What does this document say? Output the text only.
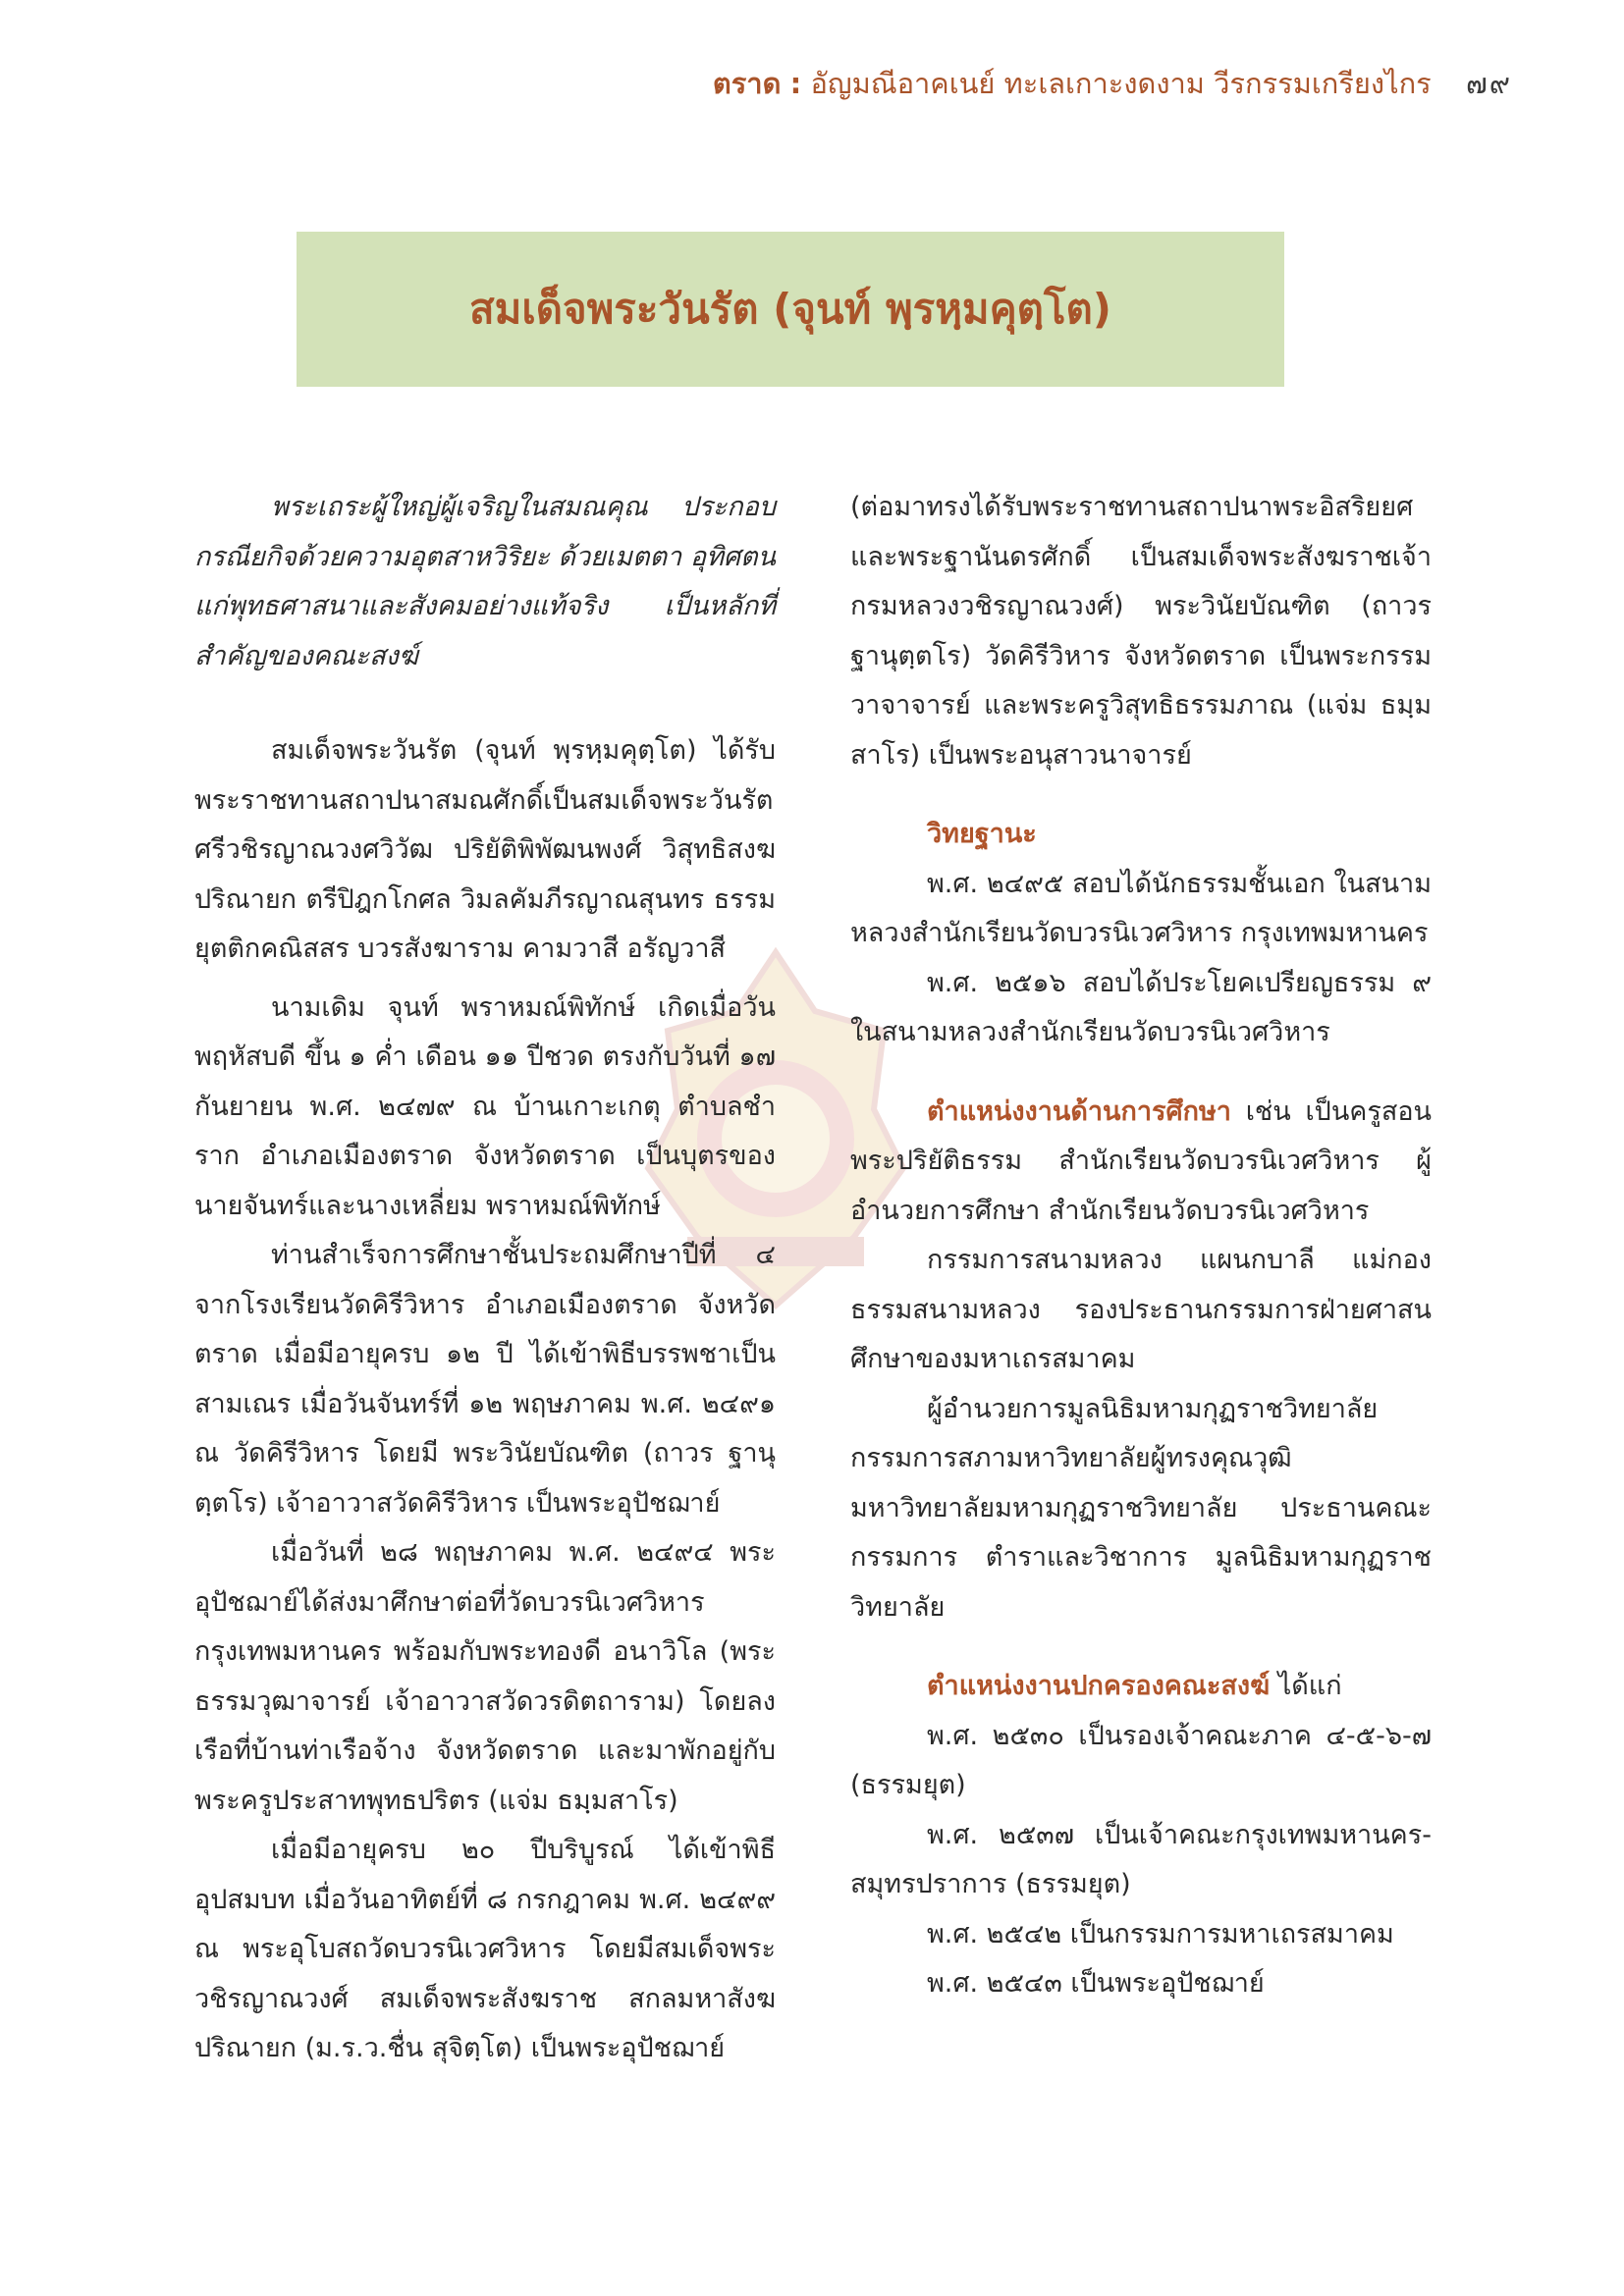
ตราด : อัญมณีอาคเนย์ ทะเลเกาะงดงาม วีรกรรมเกรียงไกร ๗๙
สมเด็จพระวันรัต (จุนท์ พฺรหฺมคุตฺโต)

พระเถระผู้ใหญ่ผู้เจริญในสมณคุณ ประกอบกรณียกิจด้วยความอุตสาหวิริยะ ด้วยเมตตา อุทิศตนแก่พุทธศาสนาและสังคมอย่างแท้จริง เป็นหลักที่สำคัญของคณะสงฆ์

สมเด็จพระวันรัต (จุนท์ พฺรหฺมคุตฺโต) ได้รับพระราชทานสถาปนาสมณศักดิ์เป็นสมเด็จพระวันรัต ศรีวชิรญาณวงศวิวัฒ ปริยัติพิพัฒนพงศ์ วิสุทธิสงฆปริณายก ตรีปิฎกโกศล วิมลคัมภีรญาณสุนทร ธรรมยุตติกคณิสสร บวรสังฆาราม คามวาสี อรัญวาสี

นามเดิม จุนท์ พราหมณ์พิทักษ์ เกิดเมื่อวันพฤหัสบดี ขึ้น ๑ ค่ำ เดือน ๑๑ ปีชวด ตรงกับวันที่ ๑๗ กันยายน พ.ศ. ๒๔๗๙ ณ บ้านเกาะเกตุ ตำบลชำราก อำเภอเมืองตราด จังหวัดตราด เป็นบุตรของนายจันทร์และนางเหลี่ยม พราหมณ์พิทักษ์

ท่านสำเร็จการศึกษาชั้นประถมศึกษาปีที่ ๔ จากโรงเรียนวัดคิรีวิหาร อำเภอเมืองตราด จังหวัดตราด เมื่อมีอายุครบ ๑๒ ปี ได้เข้าพิธีบรรพชาเป็นสามเณร เมื่อวันจันทร์ที่ ๑๒ พฤษภาคม พ.ศ. ๒๔๙๑ ณ วัดคิรีวิหาร โดยมี พระวินัยบัณฑิต (ถาวร ฐานุตฺตโร) เจ้าอาวาสวัดคิรีวิหาร เป็นพระอุปัชฌาย์

เมื่อวันที่ ๒๘ พฤษภาคม พ.ศ. ๒๔๙๔ พระอุปัชฌาย์ได้ส่งมาศึกษาต่อที่วัดบวรนิเวศวิหาร กรุงเทพมหานคร พร้อมกับพระทองดี อนาวิโล (พระธรรมวุฒาจารย์ เจ้าอาวาสวัดวรดิตถาราม) โดยลงเรือที่บ้านท่าเรือจ้าง จังหวัดตราด และมาพักอยู่กับพระครูประสาทพุทธปริตร (แจ่ม ธมฺมสาโร)

เมื่อมีอายุครบ ๒๐ ปีบริบูรณ์ ได้เข้าพิธีอุปสมบท เมื่อวันอาทิตย์ที่ ๘ กรกฎาคม พ.ศ. ๒๔๙๙ ณ พระอุโบสถวัดบวรนิเวศวิหาร โดยมีสมเด็จพระวชิรญาณวงศ์ สมเด็จพระสังฆราช สกลมหาสังฆปริณายก (ม.ร.ว.ชื่น สุจิตฺโต) เป็นพระอุปัชฌาย์

(ต่อมาทรงได้รับพระราชทานสถาปนาพระอิสริยยศและพระฐานันดรศักดิ์ เป็นสมเด็จพระสังฆราชเจ้า กรมหลวงวชิรญาณวงศ์) พระวินัยบัณฑิต (ถาวร ฐานุตฺตโร) วัดคิรีวิหาร จังหวัดตราด เป็นพระกรรมวาจาจารย์ และพระครูวิสุทธิธรรมภาณ (แจ่ม ธมฺมสาโร) เป็นพระอนุสาวนาจารย์

วิทยฐานะ

พ.ศ. ๒๔๙๕ สอบได้นักธรรมชั้นเอก ในสนามหลวงสำนักเรียนวัดบวรนิเวศวิหาร กรุงเทพมหานคร

พ.ศ. ๒๕๑๖ สอบได้ประโยคเปรียญธรรม ๙ ในสนามหลวงสำนักเรียนวัดบวรนิเวศวิหาร

ตำแหน่งงานด้านการศึกษา เช่น เป็นครูสอนพระปริยัติธรรม สำนักเรียนวัดบวรนิเวศวิหาร ผู้อำนวยการศึกษา สำนักเรียนวัดบวรนิเวศวิหาร

กรรมการสนามหลวง แผนกบาลี แม่กองธรรมสนามหลวง รองประธานกรรมการฝ่ายศาสนศึกษาของมหาเถรสมาคม

ผู้อำนวยการมูลนิธิมหามกุฏราชวิทยาลัย กรรมการสภามหาวิทยาลัยผู้ทรงคุณวุฒิ มหาวิทยาลัยมหามกุฏราชวิทยาลัย ประธานคณะกรรมการ ตำราและวิชาการ มูลนิธิมหามกุฏราชวิทยาลัย

ตำแหน่งงานปกครองคณะสงฆ์ ได้แก่

พ.ศ. ๒๕๓๐ เป็นรองเจ้าคณะภาค ๔-๕-๖-๗ (ธรรมยุต)

พ.ศ. ๒๕๓๗ เป็นเจ้าคณะกรุงเทพมหานคร-สมุทรปราการ (ธรรมยุต)

พ.ศ. ๒๕๔๒ เป็นกรรมการมหาเถรสมาคม

พ.ศ. ๒๕๔๓ เป็นพระอุปัชฌาย์
